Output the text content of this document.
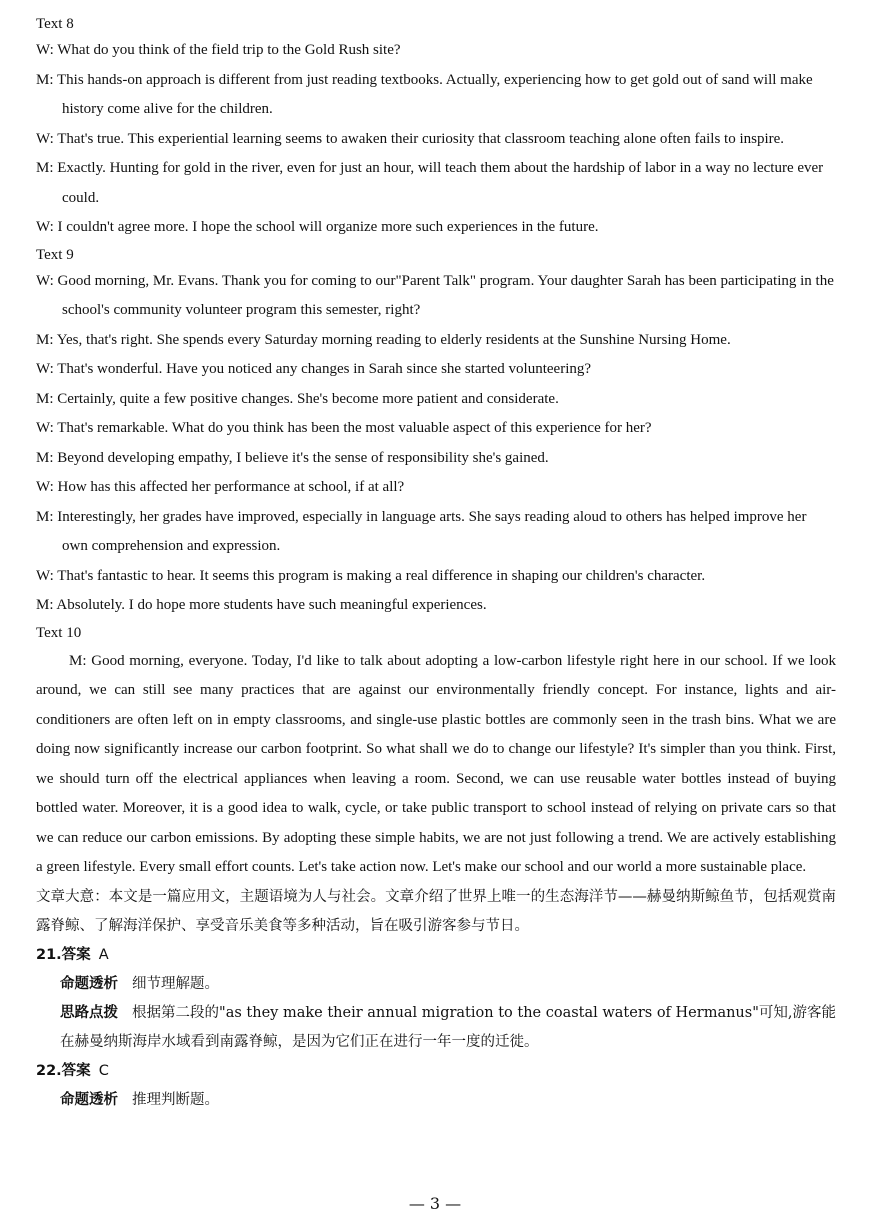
Text 8
W: What do you think of the field trip to the Gold Rush site?
M: This hands-on approach is different from just reading textbooks. Actually, experiencing how to get gold out of sand will make history come alive for the children.
W: That's true. This experiential learning seems to awaken their curiosity that classroom teaching alone often fails to inspire.
M: Exactly. Hunting for gold in the river, even for just an hour, will teach them about the hardship of labor in a way no lecture ever could.
W: I couldn't agree more. I hope the school will organize more such experiences in the future.
Text 9
W: Good morning, Mr. Evans. Thank you for coming to our"Parent Talk" program. Your daughter Sarah has been participating in the school's community volunteer program this semester, right?
M: Yes, that's right. She spends every Saturday morning reading to elderly residents at the Sunshine Nursing Home.
W: That's wonderful. Have you noticed any changes in Sarah since she started volunteering?
M: Certainly, quite a few positive changes. She's become more patient and considerate.
W: That's remarkable. What do you think has been the most valuable aspect of this experience for her?
M: Beyond developing empathy, I believe it's the sense of responsibility she's gained.
W: How has this affected her performance at school, if at all?
M: Interestingly, her grades have improved, especially in language arts. She says reading aloud to others has helped improve her own comprehension and expression.
W: That's fantastic to hear. It seems this program is making a real difference in shaping our children's character.
M: Absolutely. I do hope more students have such meaningful experiences.
Text 10
M: Good morning, everyone. Today, I'd like to talk about adopting a low-carbon lifestyle right here in our school. If we look around, we can still see many practices that are against our environmentally friendly concept. For instance, lights and air-conditioners are often left on in empty classrooms, and single-use plastic bottles are commonly seen in the trash bins. What we are doing now significantly increase our carbon footprint. So what shall we do to change our lifestyle? It's simpler than you think. First, we should turn off the electrical appliances when leaving a room. Second, we can use reusable water bottles instead of buying bottled water. Moreover, it is a good idea to walk, cycle, or take public transport to school instead of relying on private cars so that we can reduce our carbon emissions. By adopting these simple habits, we are not just following a trend. We are actively establishing a green lifestyle. Every small effort counts. Let's take action now. Let's make our school and our world a more sustainable place.
文章大意：本文是一篇应用文，主题语境为人与社会。文章介绍了世界上唯一的生态海洋节——赫曼纳斯鲸鱼节，包括观赏南露脊鲸、了解海洋保护、享受音乐美食等多种活动，旨在吸引游客参与节日。
21.答案 A
命题透析 细节理解题。
思路点拨 根据第二段的"as they make their annual migration to the coastal waters of Hermanus"可知,游客能在赫曼纳斯海岸水域看到南露脊鲸，是因为它们正在进行一年一度的迁徙。
22.答案 C
命题透析 推理判断题。
— 3 —
